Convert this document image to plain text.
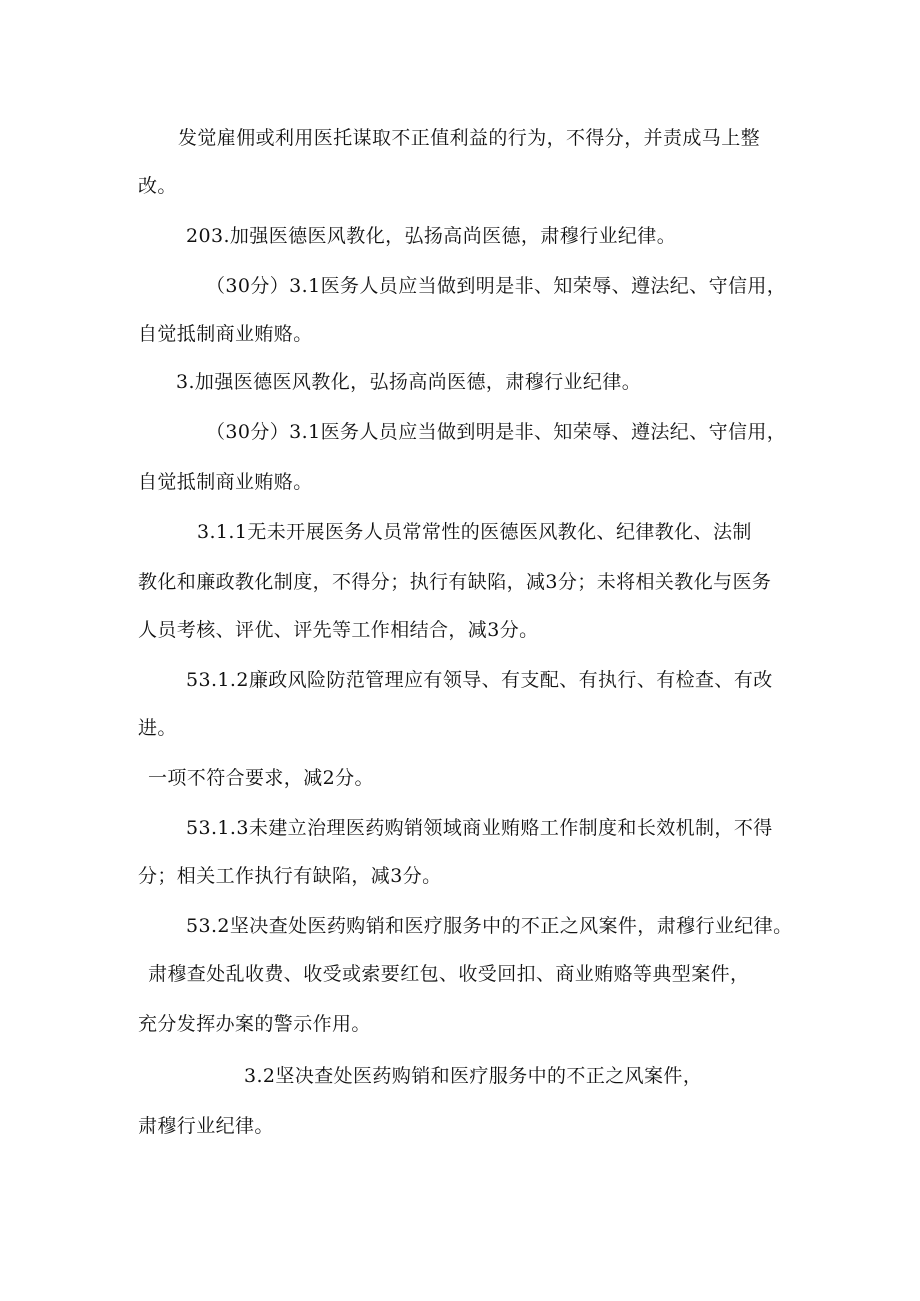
发觉雇佣或利用医托谋取不正值利益的行为，不得分，并责成马上整
改。
203.加强医德医风教化，弘扬高尚医德，肃穆行业纪律。
（30分）3.1医务人员应当做到明是非、知荣辱、遵法纪、守信用，
自觉抵制商业贿赂。
3.加强医德医风教化，弘扬高尚医德，肃穆行业纪律。
（30分）3.1医务人员应当做到明是非、知荣辱、遵法纪、守信用，
自觉抵制商业贿赂。
3.1.1无未开展医务人员常常性的医德医风教化、纪律教化、法制
教化和廉政教化制度，不得分；执行有缺陷，减3分；未将相关教化与医务
人员考核、评优、评先等工作相结合，减3分。
53.1.2廉政风险防范管理应有领导、有支配、有执行、有检查、有改
进。
一项不符合要求，减2分。
53.1.3未建立治理医药购销领域商业贿赂工作制度和长效机制，不得
分；相关工作执行有缺陷，减3分。
53.2坚决查处医药购销和医疗服务中的不正之风案件，肃穆行业纪律。
肃穆查处乱收费、收受或索要红包、收受回扣、商业贿赂等典型案件，
充分发挥办案的警示作用。
3.2坚决查处医药购销和医疗服务中的不正之风案件，
肃穆行业纪律。
